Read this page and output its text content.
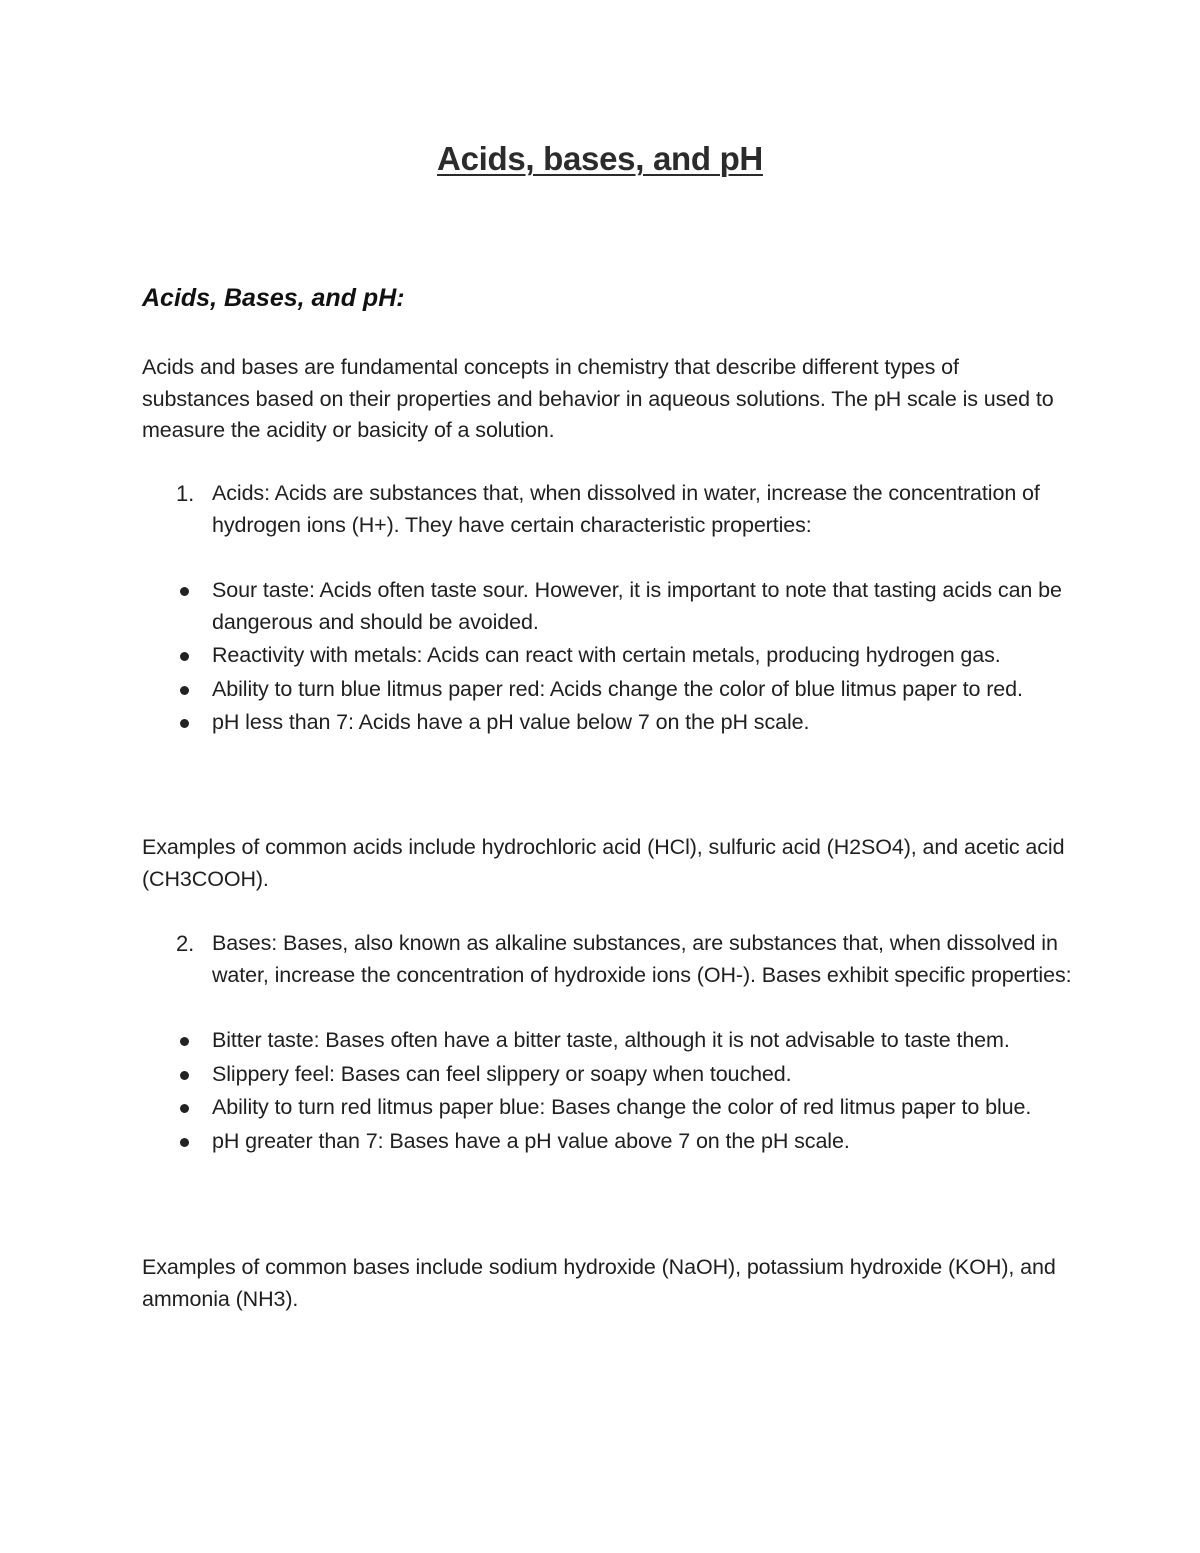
Acids, bases, and pH
Acids, Bases, and pH:

Acids and bases are fundamental concepts in chemistry that describe different types of substances based on their properties and behavior in aqueous solutions. The pH scale is used to measure the acidity or basicity of a solution.

1. Acids: Acids are substances that, when dissolved in water, increase the concentration of hydrogen ions (H+). They have certain characteristic properties:
Sour taste: Acids often taste sour. However, it is important to note that tasting acids can be dangerous and should be avoided.
Reactivity with metals: Acids can react with certain metals, producing hydrogen gas.
Ability to turn blue litmus paper red: Acids change the color of blue litmus paper to red.
pH less than 7: Acids have a pH value below 7 on the pH scale.

Examples of common acids include hydrochloric acid (HCl), sulfuric acid (H2SO4), and acetic acid (CH3COOH).

2. Bases: Bases, also known as alkaline substances, are substances that, when dissolved in water, increase the concentration of hydroxide ions (OH-). Bases exhibit specific properties:
Bitter taste: Bases often have a bitter taste, although it is not advisable to taste them.
Slippery feel: Bases can feel slippery or soapy when touched.
Ability to turn red litmus paper blue: Bases change the color of red litmus paper to blue.
pH greater than 7: Bases have a pH value above 7 on the pH scale.

Examples of common bases include sodium hydroxide (NaOH), potassium hydroxide (KOH), and ammonia (NH3).
